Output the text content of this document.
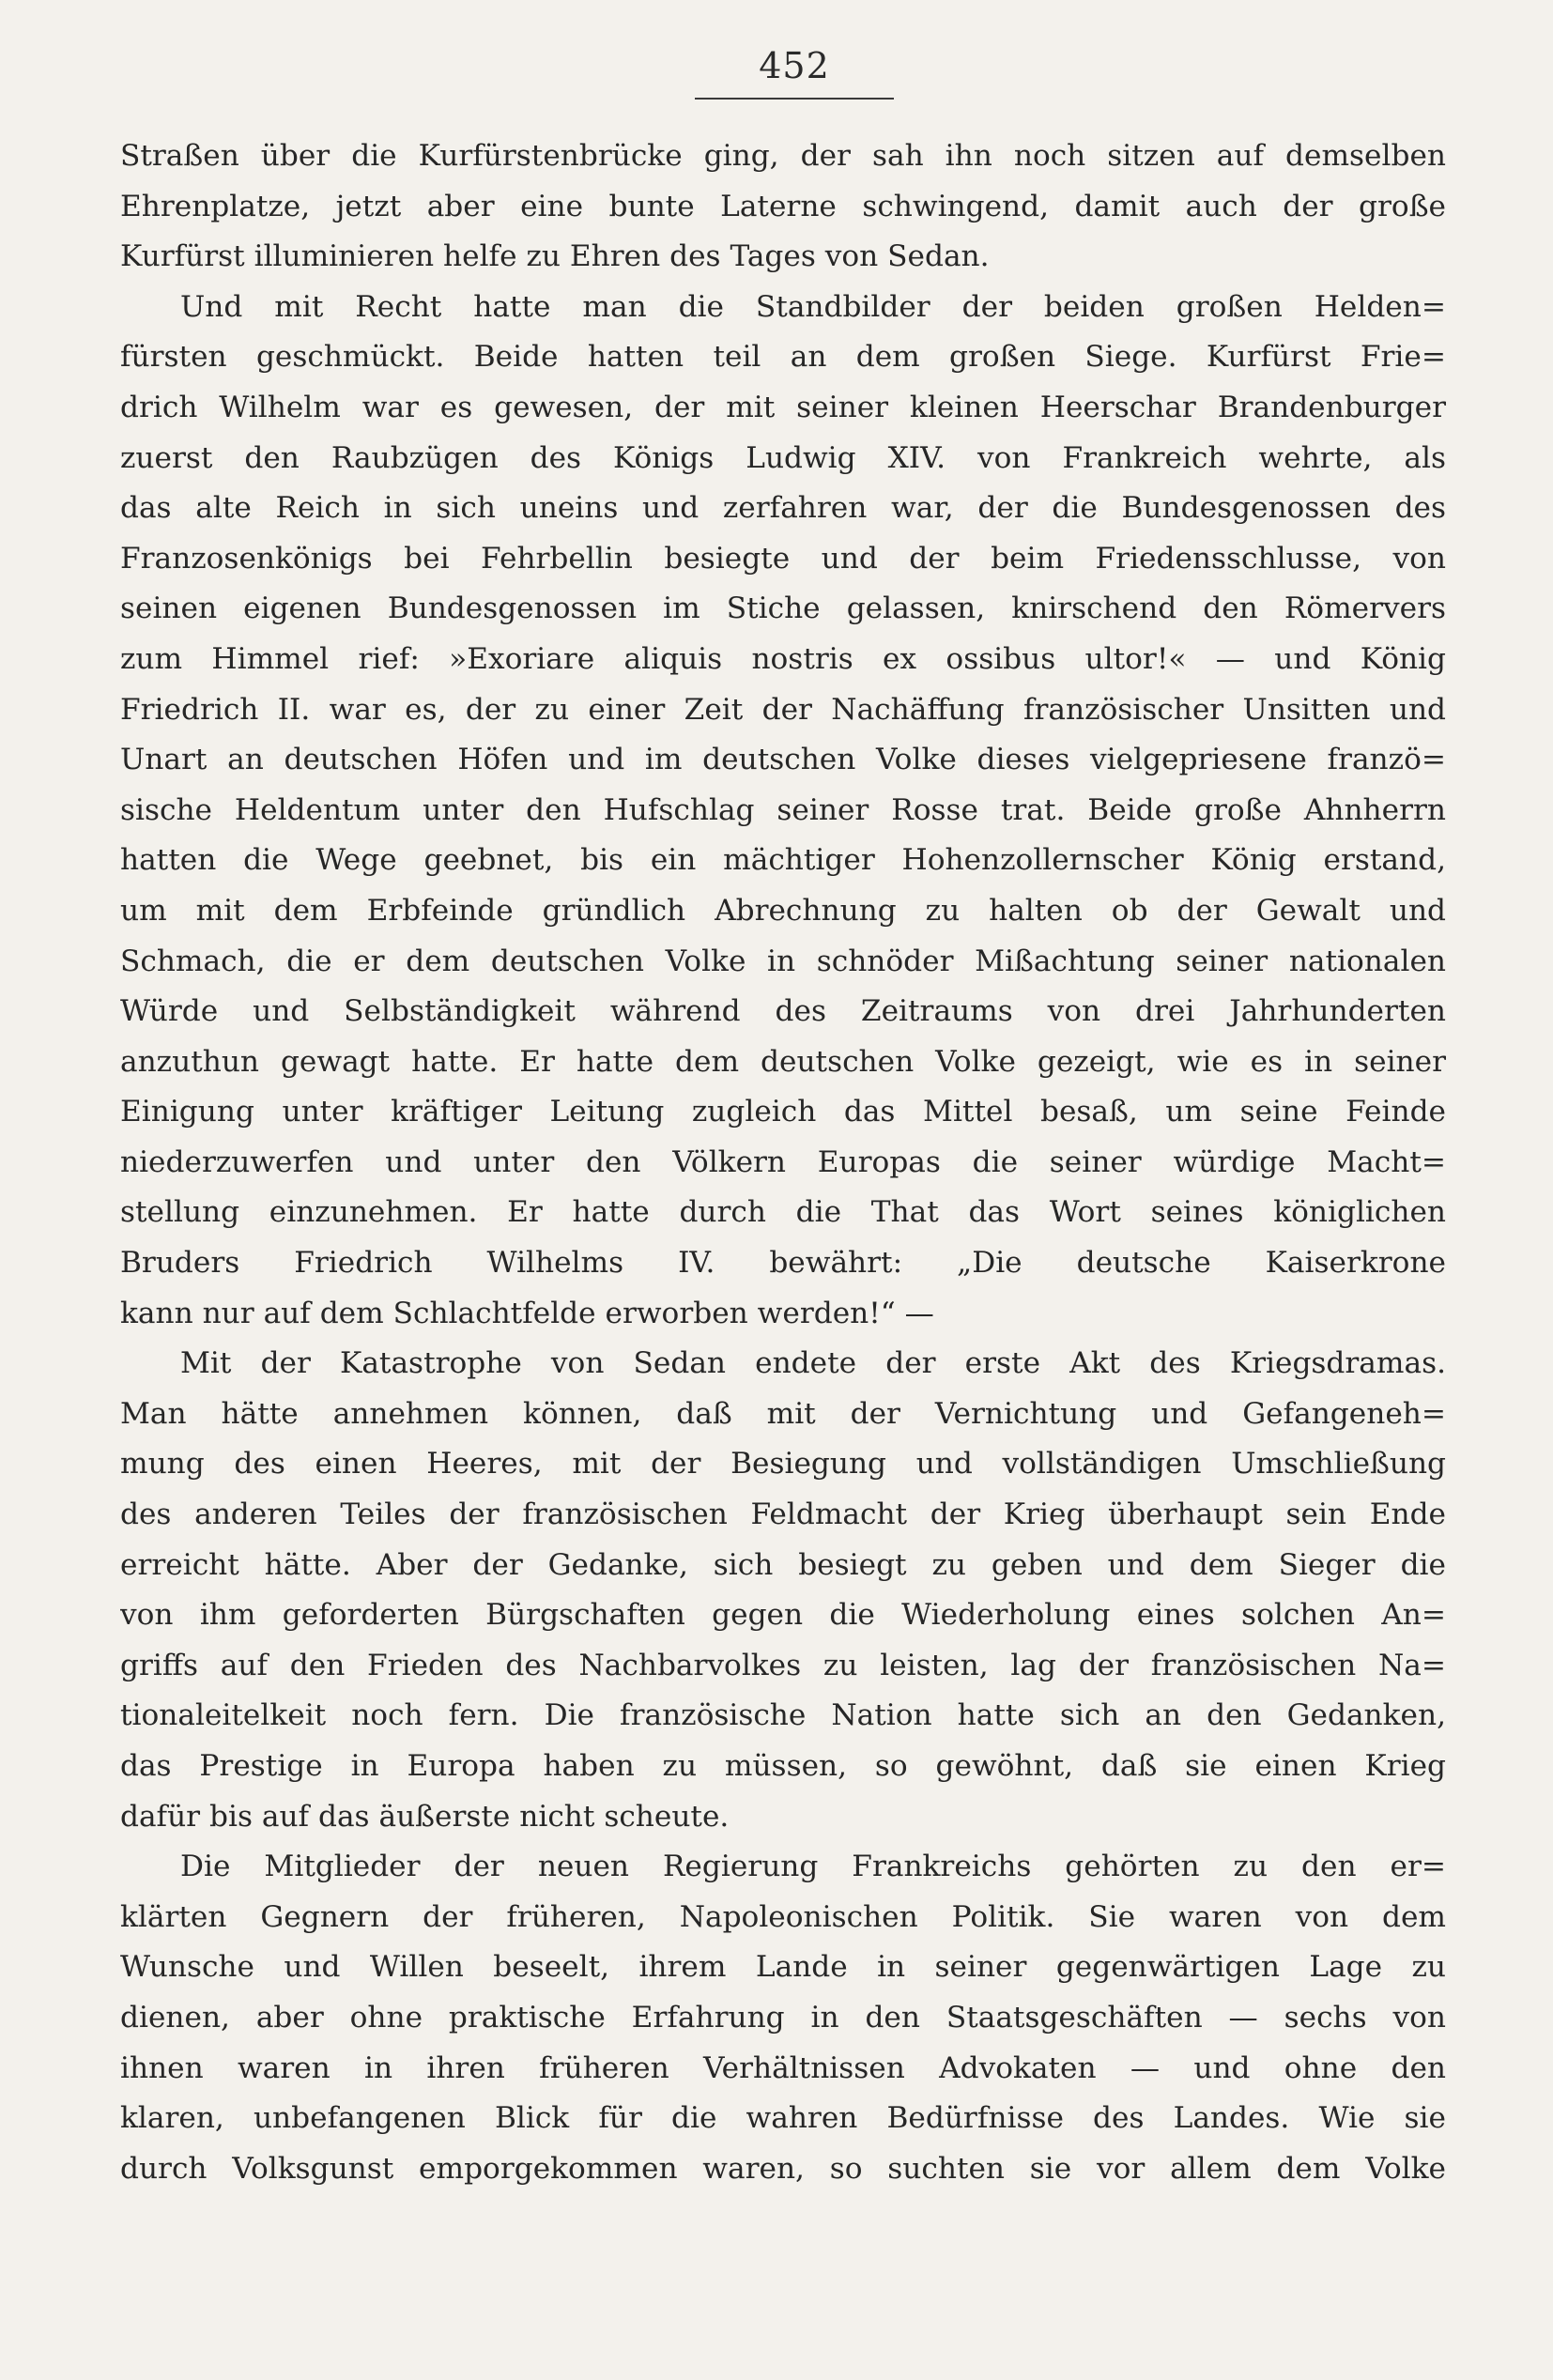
452
Straßen über die Kurfürstenbrücke ging, der sah ihn noch sitzen auf demselben
Ehrenplatze, jetzt aber eine bunte Laterne schwingend, damit auch der große
Kurfürst illuminieren helfe zu Ehren des Tages von Sedan.
Und mit Recht hatte man die Standbilder der beiden großen Helden=
fürsten geschmückt. Beide hatten teil an dem großen Siege. Kurfürst Frie=
drich Wilhelm war es gewesen, der mit seiner kleinen Heerschar Brandenburger
zuerst den Raubzügen des Königs Ludwig XIV. von Frankreich wehrte, als
das alte Reich in sich uneins und zerfahren war, der die Bundesgenossen des
Franzosenkönigs bei Fehrbellin besiegte und der beim Friedensschlusse, von
seinen eigenen Bundesgenossen im Stiche gelassen, knirschend den Römervers
zum Himmel rief: »Exoriare aliquis nostris ex ossibus ultor!« — und König
Friedrich II. war es, der zu einer Zeit der Nachäffung französischer Unsitten und
Unart an deutschen Höfen und im deutschen Volke dieses vielgepriesene franzö=
sische Heldentum unter den Hufschlag seiner Rosse trat. Beide große Ahnherrn
hatten die Wege geebnet, bis ein mächtiger Hohenzollernscher König erstand,
um mit dem Erbfeinde gründlich Abrechnung zu halten ob der Gewalt und
Schmach, die er dem deutschen Volke in schnöder Mißachtung seiner nationalen
Würde und Selbständigkeit während des Zeitraums von drei Jahrhunderten
anzuthun gewagt hatte. Er hatte dem deutschen Volke gezeigt, wie es in seiner
Einigung unter kräftiger Leitung zugleich das Mittel besaß, um seine Feinde
niederzuwerfen und unter den Völkern Europas die seiner würdige Macht=
stellung einzunehmen. Er hatte durch die That das Wort seines königlichen
Bruders Friedrich Wilhelms IV. bewährt: „Die deutsche Kaiserkrone
kann nur auf dem Schlachtfelde erworben werden!“ —
Mit der Katastrophe von Sedan endete der erste Akt des Kriegsdramas.
Man hätte annehmen können, daß mit der Vernichtung und Gefangeneh=
mung des einen Heeres, mit der Besiegung und vollständigen Umschließung
des anderen Teiles der französischen Feldmacht der Krieg überhaupt sein Ende
erreicht hätte. Aber der Gedanke, sich besiegt zu geben und dem Sieger die
von ihm geforderten Bürgschaften gegen die Wiederholung eines solchen An=
griffs auf den Frieden des Nachbarvolkes zu leisten, lag der französischen Na=
tionaleitelkeit noch fern. Die französische Nation hatte sich an den Gedanken,
das Prestige in Europa haben zu müssen, so gewöhnt, daß sie einen Krieg
dafür bis auf das äußerste nicht scheute.
Die Mitglieder der neuen Regierung Frankreichs gehörten zu den er=
klärten Gegnern der früheren, Napoleonischen Politik. Sie waren von dem
Wunsche und Willen beseelt, ihrem Lande in seiner gegenwärtigen Lage zu
dienen, aber ohne praktische Erfahrung in den Staatsgeschäften — sechs von
ihnen waren in ihren früheren Verhältnissen Advokaten — und ohne den
klaren, unbefangenen Blick für die wahren Bedürfnisse des Landes. Wie sie
durch Volksgunst emporgekommen waren, so suchten sie vor allem dem Volke
